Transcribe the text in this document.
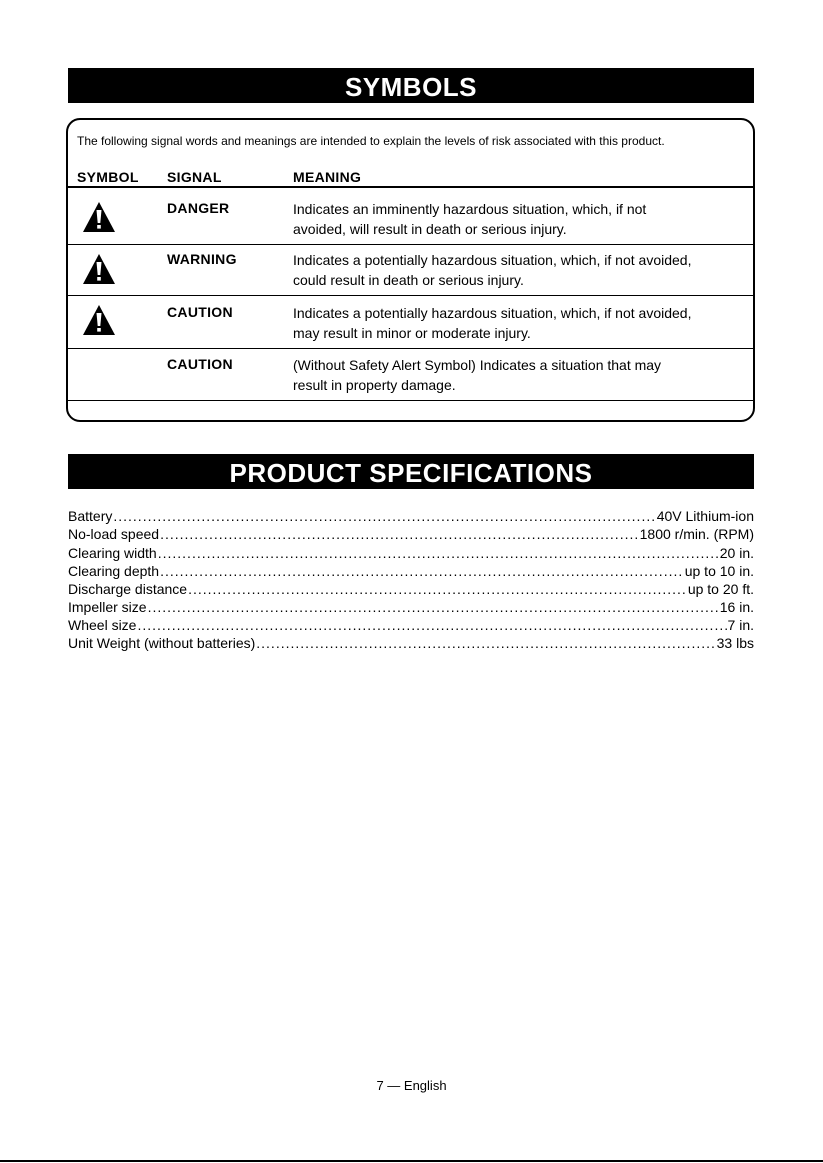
SYMBOLS
The following signal words and meanings are intended to explain the levels of risk associated with this product.
SYMBOL SIGNAL	MEANING
DANGER	Indicates an imminently hazardous situation, which, if not
avoided, will result in death or serious injury.
WARNING	Indicates a potentially hazardous situation, which, if not avoided,
could result in death or serious injury.
CAUTION	Indicates a potentially hazardous situation, which, if not avoided,
may result in minor or moderate injury.
CAUTION	(Without Safety Alert Symbol) Indicates a situation that may
result in property damage.
PRODUCT SPECIFICATIONS
Battery .....	40V Lithium-ion
No-load speed .....	1800 r/min. (RPM)
Clearing width .....	20 in.
Clearing depth .....	up to 10 in.
Discharge distance .....	up to 20 ft.
Impeller size .....	16 in.
Wheel size .....	7 in.
Unit Weight (without batteries) .....	33 lbs
7 — English
